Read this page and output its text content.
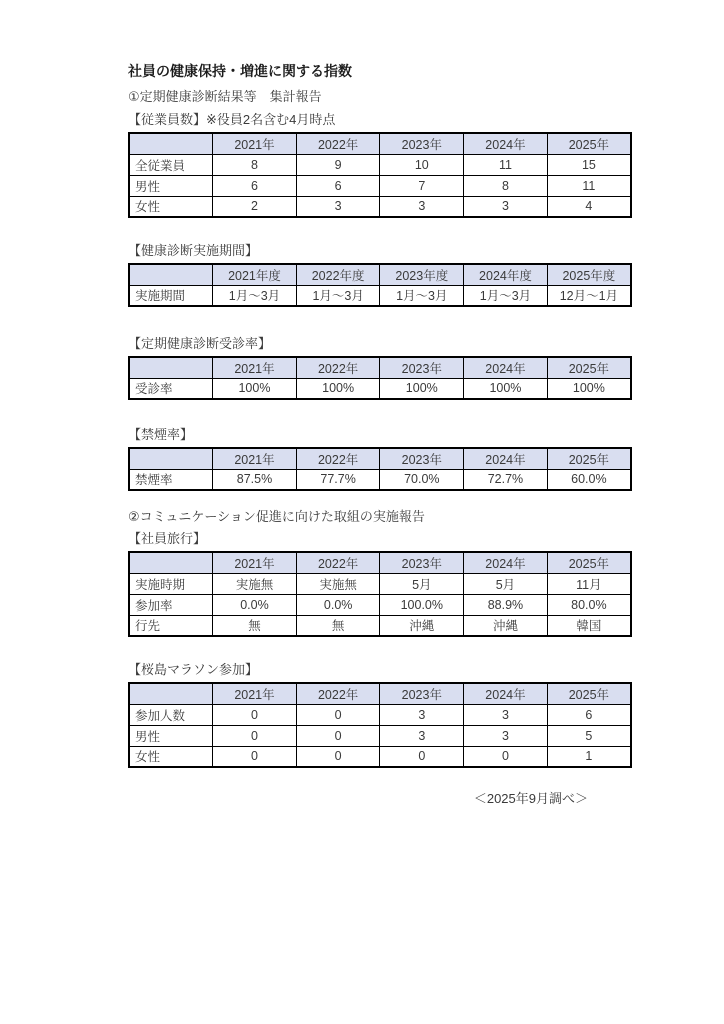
社員の健康保持・増進に関する指数
①定期健康診断結果等　集計報告
【従業員数】※役員2名含む4月時点
	2021年	2022年	2023年	2024年	2025年
全従業員	8	9	10	11	15
男性	6	6	7	8	11
女性	2	3	3	3	4
【健康診断実施期間】
	2021年度	2022年度	2023年度	2024年度	2025年度
実施期間	1月～3月	1月～3月	1月～3月	1月～3月	12月～1月
【定期健康診断受診率】
	2021年	2022年	2023年	2024年	2025年
受診率	100%	100%	100%	100%	100%
【禁煙率】
	2021年	2022年	2023年	2024年	2025年
禁煙率	87.5%	77.7%	70.0%	72.7%	60.0%
②コミュニケーション促進に向けた取組の実施報告
【社員旅行】
	2021年	2022年	2023年	2024年	2025年
実施時期	実施無	実施無	5月	5月	11月
参加率	0.0%	0.0%	100.0%	88.9%	80.0%
行先	無	無	沖縄	沖縄	韓国
【桜島マラソン参加】
	2021年	2022年	2023年	2024年	2025年
参加人数	0	0	3	3	6
男性	0	0	3	3	5
女性	0	0	0	0	1
＜2025年9月調べ＞
